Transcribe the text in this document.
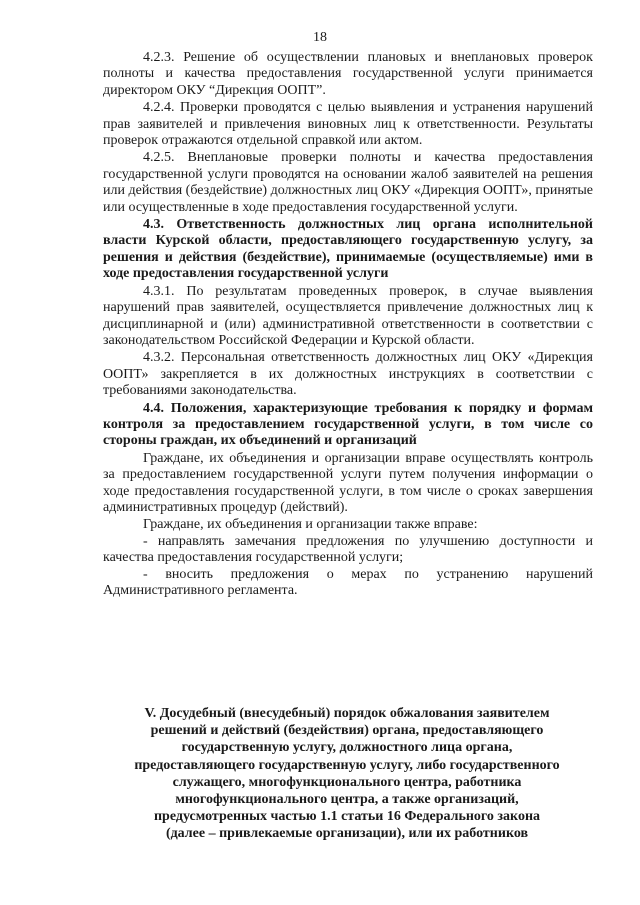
18

4.2.3. Решение об осуществлении плановых и внеплановых проверок полноты и качества предоставления государственной услуги принимается директором ОКУ “Дирекция ООПТ”.

4.2.4. Проверки проводятся с целью выявления и устранения нарушений прав заявителей и привлечения виновных лиц к ответственности. Результаты проверок отражаются отдельной справкой или актом.

4.2.5. Внеплановые проверки полноты и качества предоставления государственной услуги проводятся на основании жалоб заявителей на решения или действия (бездействие) должностных лиц ОКУ «Дирекция ООПТ», принятые или осуществленные в ходе предоставления государственной услуги.

4.3. Ответственность должностных лиц органа исполнительной власти Курской области, предоставляющего государственную услугу, за решения и действия (бездействие), принимаемые (осуществляемые) ими в ходе предоставления государственной услуги

4.3.1. По результатам проведенных проверок, в случае выявления нарушений прав заявителей, осуществляется привлечение должностных лиц к дисциплинарной и (или) административной ответственности в соответствии с законодательством Российской Федерации и Курской области.

4.3.2. Персональная ответственность должностных лиц ОКУ «Дирекция ООПТ» закрепляется в их должностных инструкциях в соответствии с требованиями законодательства.

4.4. Положения, характеризующие требования к порядку и формам контроля за предоставлением государственной услуги, в том числе со стороны граждан, их объединений и организаций

Граждане, их объединения и организации вправе осуществлять контроль за предоставлением государственной услуги путем получения информации о ходе предоставления государственной услуги, в том числе о сроках завершения административных процедур (действий).

Граждане, их объединения и организации также вправе:

- направлять замечания предложения по улучшению доступности и качества предоставления государственной услуги;

- вносить предложения о мерах по устранению нарушений Административного регламента.

V. Досудебный (внесудебный) порядок обжалования заявителем
решений и действий (бездействия) органа, предоставляющего
государственную услугу, должностного лица органа,
предоставляющего государственную услугу, либо государственного
служащего, многофункционального центра, работника
многофункционального центра, а также организаций,
предусмотренных частью 1.1 статьи 16 Федерального закона
(далее – привлекаемые организации), или их работников
